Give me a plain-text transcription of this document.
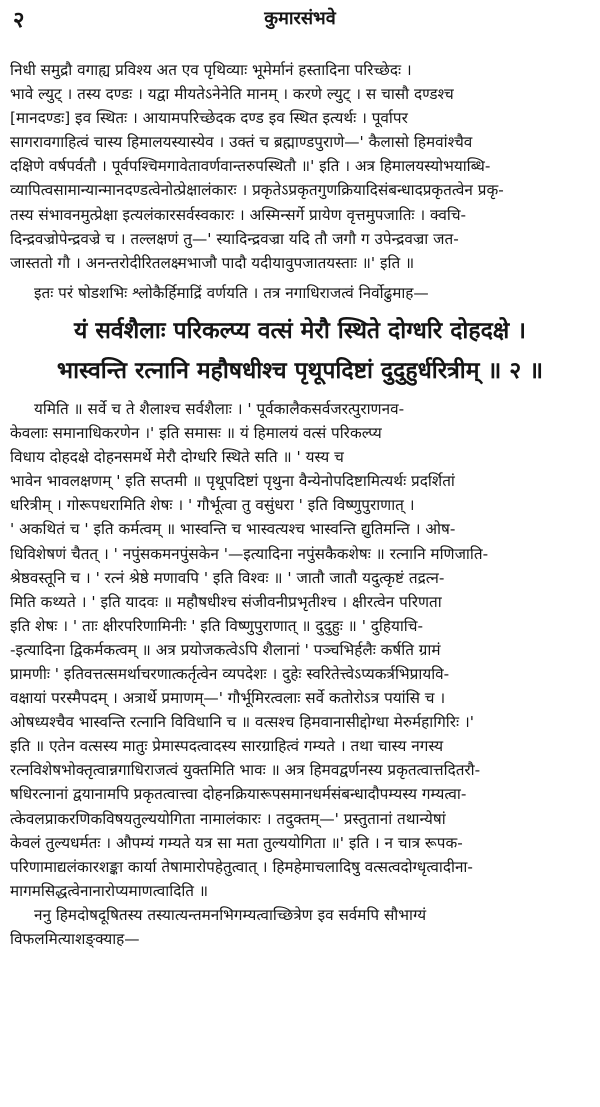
२	कुमारसंभवे
निधी समुद्रौ वगाह्य प्रविश्य अत एव पृथिव्याः भूमेर्मानं हस्तादिना परिच्छेदः ।
भावे ल्युट् । तस्य दण्डः । यद्वा मीयतेऽनेनेति मानम् । करणे ल्युट् । स चासौ दण्डश्च
[मानदण्डः] इव स्थितः । आयामपरिच्छेदक दण्ड इव स्थित इत्यर्थः । पूर्वापर
सागरावगाहित्वं चास्य हिमालयस्यास्येव । उक्तं च ब्रह्माण्डपुराणे—' कैलासो हिमवांश्चैव
दक्षिणे वर्षपर्वतौ । पूर्वपश्चिमगावेतावर्णवान्तरुपस्थितौ ॥' इति । अत्र हिमालयस्योभयाब्धि-
व्यापित्वसामान्यान्मानदण्डत्वेनोत्प्रेक्षालंकारः । प्रकृतेऽप्रकृतगुणक्रियादिसंबन्धादप्रकृतत्वेन प्रकृ-
तस्य संभावनमुत्प्रेक्षा इत्यलंकारसर्वस्वकारः । अस्मिन्सर्गे प्रायेण वृत्तमुपजातिः । क्वचि-
दिन्द्रवज्रोपेन्द्रवज्रे च । तल्लक्षणं तु—' स्यादिन्द्रवज्रा यदि तौ जगौ ग उपेन्द्रवज्रा जत-
जास्ततो गौ । अनन्तरोदीरितलक्ष्मभाजौ पादौ यदीयावुपजातयस्ताः ॥' इति ॥
इतः परं षोडशभिः श्लोकैर्हिमाद्रिं वर्णयति । तत्र नगाधिराजत्वं निर्वोढुमाह—
यं सर्वशैलाः परिकल्प्य वत्सं मेरौ स्थिते दोग्धरि दोहदक्षे ।
भास्वन्ति रत्नानि महौषधीश्च पृथूपदिष्टां दुदुहुर्धरित्रीम् ॥ २ ॥
यमिति ॥ सर्वे च ते शैलाश्च सर्वशैलाः । ' पूर्वकालैकसर्वजरत्पुराणनव-
केवलाः समानाधिकरणेन ।' इति समासः ॥ यं हिमालयं वत्सं परिकल्प्य
विधाय दोहदक्षे दोहनसमर्थे मेरौ दोग्धरि स्थिते सति ॥ ' यस्य च
भावेन भावलक्षणम् ' इति सप्तमी ॥ पृथूपदिष्टां पृथुना वैन्येनोपदिष्टामित्यर्थः प्रदर्शितां
धरित्रीम् । गोरूपधरामिति शेषः । ' गौर्भूत्वा तु वसुंधरा ' इति विष्णुपुराणात् ।
' अकथितं च ' इति कर्मत्वम् ॥ भास्वन्ति च भास्वत्यश्च भास्वन्ति द्युतिमन्ति । ओष-
धिविशेषणं चैतत् । ' नपुंसकमनपुंसकेन '—इत्यादिना नपुंसकैकशेषः ॥ रत्नानि मणिजाति-
श्रेष्ठवस्तूनि च । ' रत्नं श्रेष्ठे मणावपि ' इति विश्वः ॥ ' जातौ जातौ यदुत्कृष्टं तद्रत्न-
मिति कथ्यते । ' इति यादवः ॥ महौषधीश्च संजीवनीप्रभृतीश्च । क्षीरत्वेन परिणता
इति शेषः । ' ताः क्षीरपरिणामिनीः ' इति विष्णुपुराणात् ॥ दुदुहुः ॥ ' दुहियाचि-
-इत्यादिना द्विकर्मकत्वम् ॥ अत्र प्रयोजकत्वेऽपि शैलानां ' पञ्चभिर्हलैः कर्षति ग्रामं
प्रामणीः ' इतिवत्तत्समर्थाचरणात्कर्तृत्वेन व्यपदेशः । दुहेः स्वरितेत्त्वेऽप्यकर्त्रभिप्रायवि-
वक्षायां परस्मैपदम् । अत्रार्थे प्रमाणम्—' गौर्भूमिरत्वलाः सर्वे कतोरोऽत्र पयांसि च ।
ओषध्यश्चैव भास्वन्ति रत्नानि विविधानि च ॥ वत्सश्च हिमवानासीद्दोग्धा मेरुर्महागिरिः ।'
इति ॥ एतेन वत्सस्य मातुः प्रेमास्पदत्वादस्य सारग्राहित्वं गम्यते । तथा चास्य नगस्य
रत्नविशेषभोक्तृत्वान्नगाधिराजत्वं युक्तमिति भावः ॥ अत्र हिमवद्वर्णनस्य प्रकृतत्वात्तदितरौ-
षधिरत्नानां द्वयानामपि प्रकृतत्वात्त्वा दोहनक्रियारूपसमानधर्मसंबन्धादौपम्यस्य गम्यत्वा-
त्केवलप्राकरणिकविषयतुल्ययोगिता नामालंकारः । तदुक्तम्—' प्रस्तुतानां तथान्येषां
केवलं तुल्यधर्मतः । औपम्यं गम्यते यत्र सा मता तुल्ययोगिता ॥' इति । न चात्र रूपक-
परिणामाद्यलंकारशङ्का कार्या तेषामारोपहेतुत्वात् । हिमहेमाचलादिषु वत्सत्वदोग्धृत्वादीना-
मागमसिद्धत्वेनानारोप्यमाणत्वादिति ॥
ननु हिमदोषदूषितस्य तस्यात्यन्तमनभिगम्यत्वाच्छित्रेण इव सर्वमपि सौभाग्यं
विफलमित्याशङ्क्याह—
